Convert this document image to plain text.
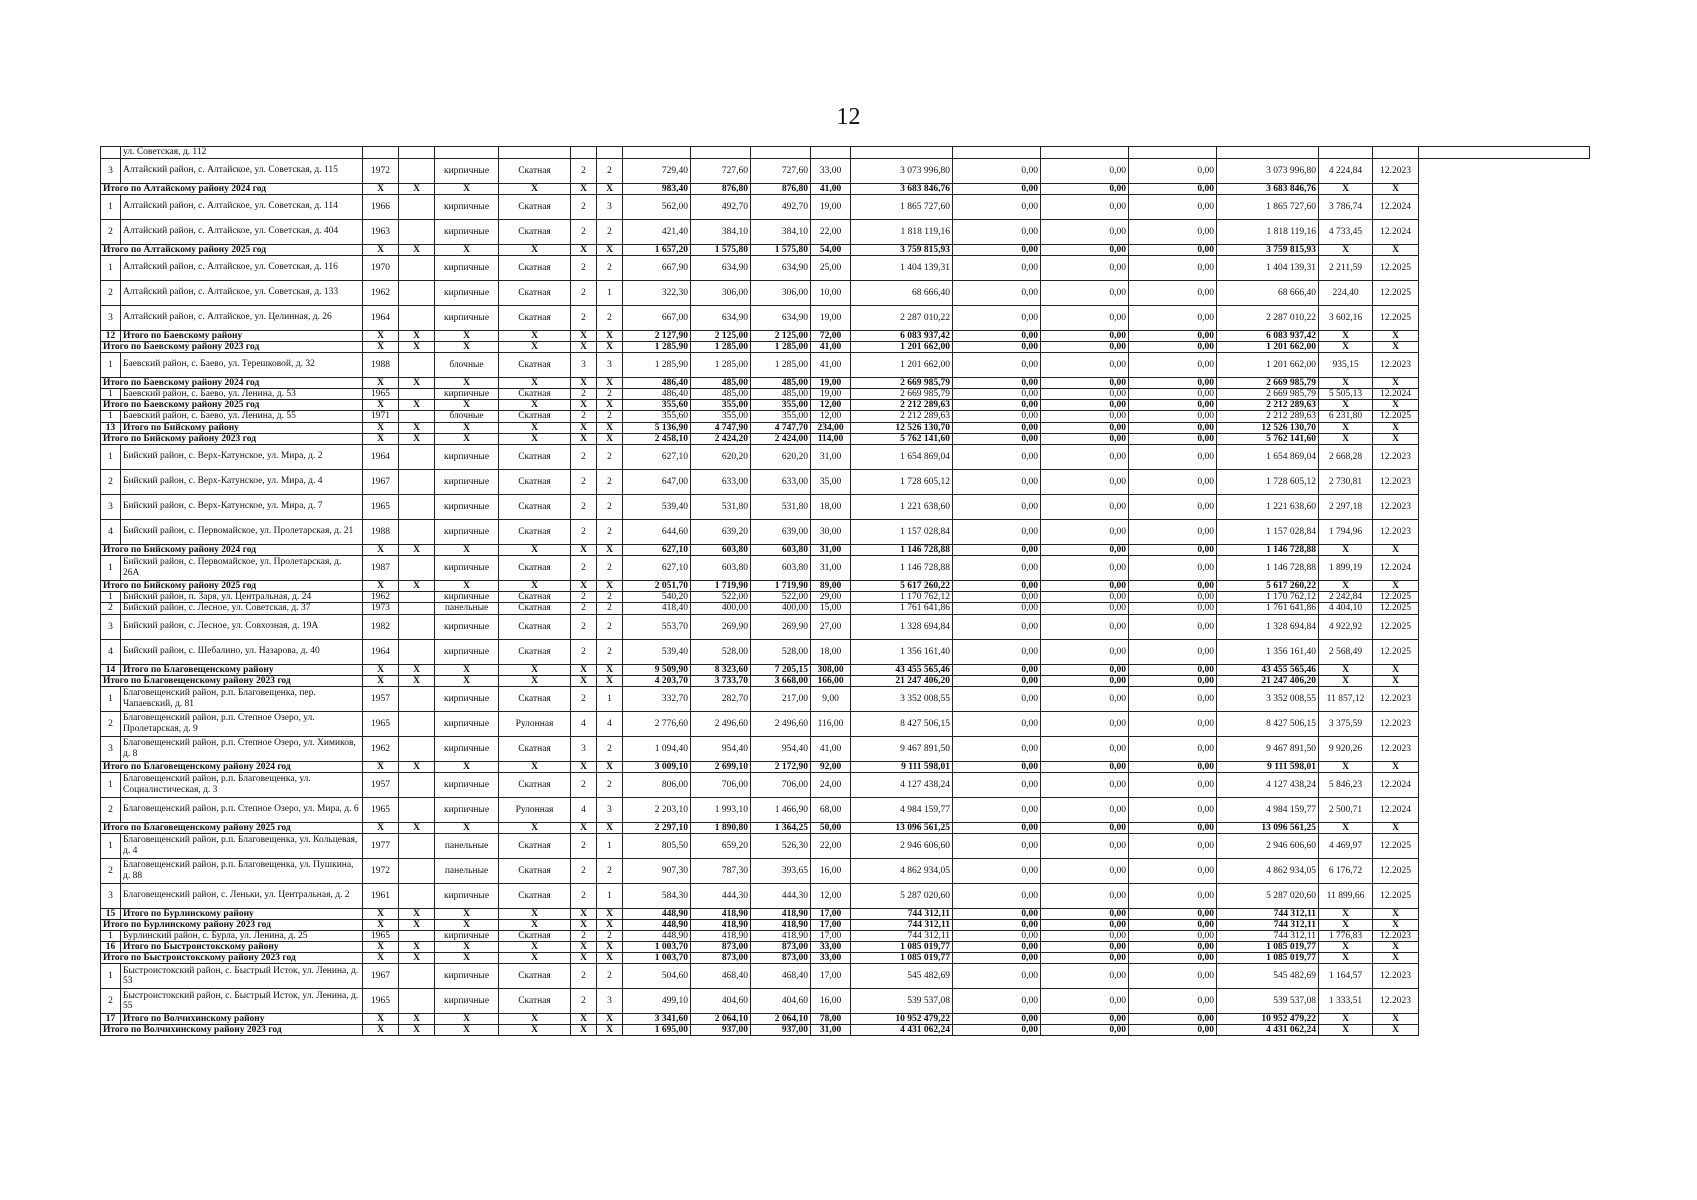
12
	ул. Советская, д. 112																		
3	Алтайский район, с. Алтайское, ул. Советская, д. 115	1972		кирпичные	Скатная	2	2	729,40	727,60	727,60	33,00	3 073 996,80	0,00	0,00	0,00	3 073 996,80	4 224,84	12.2023	
Итого по Алтайскому району 2024 год		X	X	X	X	X	X	983,40	876,80	876,80	41,00	3 683 846,76	0,00	0,00	0,00	3 683 846,76	X	X	
1	Алтайский район, с. Алтайское, ул. Советская, д. 114	1966		кирпичные	Скатная	2	3	562,00	492,70	492,70	19,00	1 865 727,60	0,00	0,00	0,00	1 865 727,60	3 786,74	12.2024	
2	Алтайский район, с. Алтайское, ул. Советская, д. 404	1963		кирпичные	Скатная	2	2	421,40	384,10	384,10	22,00	1 818 119,16	0,00	0,00	0,00	1 818 119,16	4 733,45	12.2024	
Итого по Алтайскому району 2025 год		X	X	X	X	X	X	1 657,20	1 575,80	1 575,80	54,00	3 759 815,93	0,00	0,00	0,00	3 759 815,93	X	X	
1	Алтайский район, с. Алтайское, ул. Советская, д. 116	1970		кирпичные	Скатная	2	2	667,90	634,90	634,90	25,00	1 404 139,31	0,00	0,00	0,00	1 404 139,31	2 211,59	12.2025	
2	Алтайский район, с. Алтайское, ул. Советская, д. 133	1962		кирпичные	Скатная	2	1	322,30	306,00	306,00	10,00	68 666,40	0,00	0,00	0,00	68 666,40	224,40	12.2025	
3	Алтайский район, с. Алтайское, ул. Целинная, д. 26	1964		кирпичные	Скатная	2	2	667,00	634,90	634,90	19,00	2 287 010,22	0,00	0,00	0,00	2 287 010,22	3 602,16	12.2025	
12	Итого по Баевскому району	X	X	X	X	X	X	2 127,90	2 125,00	2 125,00	72,00	6 083 937,42	0,00	0,00	0,00	6 083 937,42	X	X	
Итого по Баевскому району 2023 год		X	X	X	X	X	X	1 285,90	1 285,00	1 285,00	41,00	1 201 662,00	0,00	0,00	0,00	1 201 662,00	X	X	
1	Баевский район, с. Баево, ул. Терешковой, д. 32	1988		блочные	Скатная	3	3	1 285,90	1 285,00	1 285,00	41,00	1 201 662,00	0,00	0,00	0,00	1 201 662,00	935,15	12.2023	
Итого по Баевскому району 2024 год		X	X	X	X	X	X	486,40	485,00	485,00	19,00	2 669 985,79	0,00	0,00	0,00	2 669 985,79	X	X	
1	Баевский район, с. Баево, ул. Ленина, д. 53	1965		кирпичные	Скатная	2	2	486,40	485,00	485,00	19,00	2 669 985,79	0,00	0,00	0,00	2 669 985,79	5 505,13	12.2024	
Итого по Баевскому району 2025 год		X	X	X	X	X	X	355,60	355,00	355,00	12,00	2 212 289,63	0,00	0,00	0,00	2 212 289,63	X	X	
1	Баевский район, с. Баево, ул. Ленина, д. 55	1971		блочные	Скатная	2	2	355,60	355,00	355,00	12,00	2 212 289,63	0,00	0,00	0,00	2 212 289,63	6 231,80	12.2025	
13	Итого по Бийскому району	X	X	X	X	X	X	5 136,90	4 747,90	4 747,70	234,00	12 526 130,70	0,00	0,00	0,00	12 526 130,70	X	X	
Итого по Бийскому району 2023 год		X	X	X	X	X	X	2 458,10	2 424,20	2 424,00	114,00	5 762 141,60	0,00	0,00	0,00	5 762 141,60	X	X	
1	Бийский район, с. Верх-Катунское, ул. Мира, д. 2	1964		кирпичные	Скатная	2	2	627,10	620,20	620,20	31,00	1 654 869,04	0,00	0,00	0,00	1 654 869,04	2 668,28	12.2023	
2	Бийский район, с. Верх-Катунское, ул. Мира, д. 4	1967		кирпичные	Скатная	2	2	647,00	633,00	633,00	35,00	1 728 605,12	0,00	0,00	0,00	1 728 605,12	2 730,81	12.2023	
3	Бийский район, с. Верх-Катунское, ул. Мира, д. 7	1965		кирпичные	Скатная	2	2	539,40	531,80	531,80	18,00	1 221 638,60	0,00	0,00	0,00	1 221 638,60	2 297,18	12.2023	
4	Бийский район, с. Первомайское, ул. Пролетарская, д. 21	1988		кирпичные	Скатная	2	2	644,60	639,20	639,00	30,00	1 157 028,84	0,00	0,00	0,00	1 157 028,84	1 794,96	12.2023	
Итого по Бийскому району 2024 год		X	X	X	X	X	X	627,10	603,80	603,80	31,00	1 146 728,88	0,00	0,00	0,00	1 146 728,88	X	X	
1	Бийский район, с. Первомайское, ул. Пролетарская, д. 26А	1987		кирпичные	Скатная	2	2	627,10	603,80	603,80	31,00	1 146 728,88	0,00	0,00	0,00	1 146 728,88	1 899,19	12.2024	
Итого по Бийскому району 2025 год		X	X	X	X	X	X	2 051,70	1 719,90	1 719,90	89,00	5 617 260,22	0,00	0,00	0,00	5 617 260,22	X	X	
1	Бийский район, п. Заря, ул. Центральная, д. 24	1962		кирпичные	Скатная	2	2	540,20	522,00	522,00	29,00	1 170 762,12	0,00	0,00	0,00	1 170 762,12	2 242,84	12.2025	
2	Бийский район, с. Лесное, ул. Советская, д. 37	1973		панельные	Скатная	2	2	418,40	400,00	400,00	15,00	1 761 641,86	0,00	0,00	0,00	1 761 641,86	4 404,10	12.2025	
3	Бийский район, с. Лесное, ул. Совхозная, д. 19А	1982		кирпичные	Скатная	2	2	553,70	269,90	269,90	27,00	1 328 694,84	0,00	0,00	0,00	1 328 694,84	4 922,92	12.2025	
4	Бийский район, с. Шебалино, ул. Назарова, д. 40	1964		кирпичные	Скатная	2	2	539,40	528,00	528,00	18,00	1 356 161,40	0,00	0,00	0,00	1 356 161,40	2 568,49	12.2025	
14	Итого по Благовещенскому району	X	X	X	X	X	X	9 509,90	8 323,60	7 205,15	308,00	43 455 565,46	0,00	0,00	0,00	43 455 565,46	X	X	
Итого по Благовещенскому району 2023 год		X	X	X	X	X	X	4 203,70	3 733,70	3 668,00	166,00	21 247 406,20	0,00	0,00	0,00	21 247 406,20	X	X	
1	Благовещенский район, р.п. Благовещенка, пер. Чапаевский, д. 81	1957		кирпичные	Скатная	2	1	332,70	282,70	217,00	9,00	3 352 008,55	0,00	0,00	0,00	3 352 008,55	11 857,12	12.2023	
2	Благовещенский район, р.п. Степное Озеро, ул. Пролетарская, д. 9	1965		кирпичные	Рулонная	4	4	2 776,60	2 496,60	2 496,60	116,00	8 427 506,15	0,00	0,00	0,00	8 427 506,15	3 375,59	12.2023	
3	Благовещенский район, р.п. Степное Озеро, ул. Химиков, д. 8	1962		кирпичные	Скатная	3	2	1 094,40	954,40	954,40	41,00	9 467 891,50	0,00	0,00	0,00	9 467 891,50	9 920,26	12.2023	
Итого по Благовещенскому району 2024 год		X	X	X	X	X	X	3 009,10	2 699,10	2 172,90	92,00	9 111 598,01	0,00	0,00	0,00	9 111 598,01	X	X	
1	Благовещенский район, р.п. Благовещенка, ул. Социалистическая, д. 3	1957		кирпичные	Скатная	2	2	806,00	706,00	706,00	24,00	4 127 438,24	0,00	0,00	0,00	4 127 438,24	5 846,23	12.2024	
2	Благовещенский район, р.п. Степное Озеро, ул. Мира, д. 6	1965		кирпичные	Рулонная	4	3	2 203,10	1 993,10	1 466,90	68,00	4 984 159,77	0,00	0,00	0,00	4 984 159,77	2 500,71	12.2024	
Итого по Благовещенскому району 2025 год		X	X	X	X	X	X	2 297,10	1 890,80	1 364,25	50,00	13 096 561,25	0,00	0,00	0,00	13 096 561,25	X	X	
1	Благовещенский район, р.п. Благовещенка, ул. Кольцевая, д. 4	1977		панельные	Скатная	2	1	805,50	659,20	526,30	22,00	2 946 606,60	0,00	0,00	0,00	2 946 606,60	4 469,97	12.2025	
2	Благовещенский район, р.п. Благовещенка, ул. Пушкина, д. 88	1972		панельные	Скатная	2	2	907,30	787,30	393,65	16,00	4 862 934,05	0,00	0,00	0,00	4 862 934,05	6 176,72	12.2025	
3	Благовещенский район, с. Леньки, ул. Центральная, д. 2	1961		кирпичные	Скатная	2	1	584,30	444,30	444,30	12,00	5 287 020,60	0,00	0,00	0,00	5 287 020,60	11 899,66	12.2025	
15	Итого по Бурлинскому району	X	X	X	X	X	X	448,90	418,90	418,90	17,00	744 312,11	0,00	0,00	0,00	744 312,11	X	X	
Итого по Бурлинскому району 2023 год		X	X	X	X	X	X	448,90	418,90	418,90	17,00	744 312,11	0,00	0,00	0,00	744 312,11	X	X	
1	Бурлинский район, с. Бурла, ул. Ленина, д. 25	1965		кирпичные	Скатная	2	2	448,90	418,90	418,90	17,00	744 312,11	0,00	0,00	0,00	744 312,11	1 776,83	12.2023	
16	Итого по Быстроистокскому району	X	X	X	X	X	X	1 003,70	873,00	873,00	33,00	1 085 019,77	0,00	0,00	0,00	1 085 019,77	X	X	
Итого по Быстроистокскому району 2023 год		X	X	X	X	X	X	1 003,70	873,00	873,00	33,00	1 085 019,77	0,00	0,00	0,00	1 085 019,77	X	X	
1	Быстроистокский район, с. Быстрый Исток, ул. Ленина, д. 53	1967		кирпичные	Скатная	2	2	504,60	468,40	468,40	17,00	545 482,69	0,00	0,00	0,00	545 482,69	1 164,57	12.2023	
2	Быстроистокский район, с. Быстрый Исток, ул. Ленина, д. 55	1965		кирпичные	Скатная	2	3	499,10	404,60	404,60	16,00	539 537,08	0,00	0,00	0,00	539 537,08	1 333,51	12.2023	
17	Итого по Волчихинскому району	X	X	X	X	X	X	3 341,60	2 064,10	2 064,10	78,00	10 952 479,22	0,00	0,00	0,00	10 952 479,22	X	X	
Итого по Волчихинскому району 2023 год		X	X	X	X	X	X	1 695,00	937,00	937,00	31,00	4 431 062,24	0,00	0,00	0,00	4 431 062,24	X	X	
